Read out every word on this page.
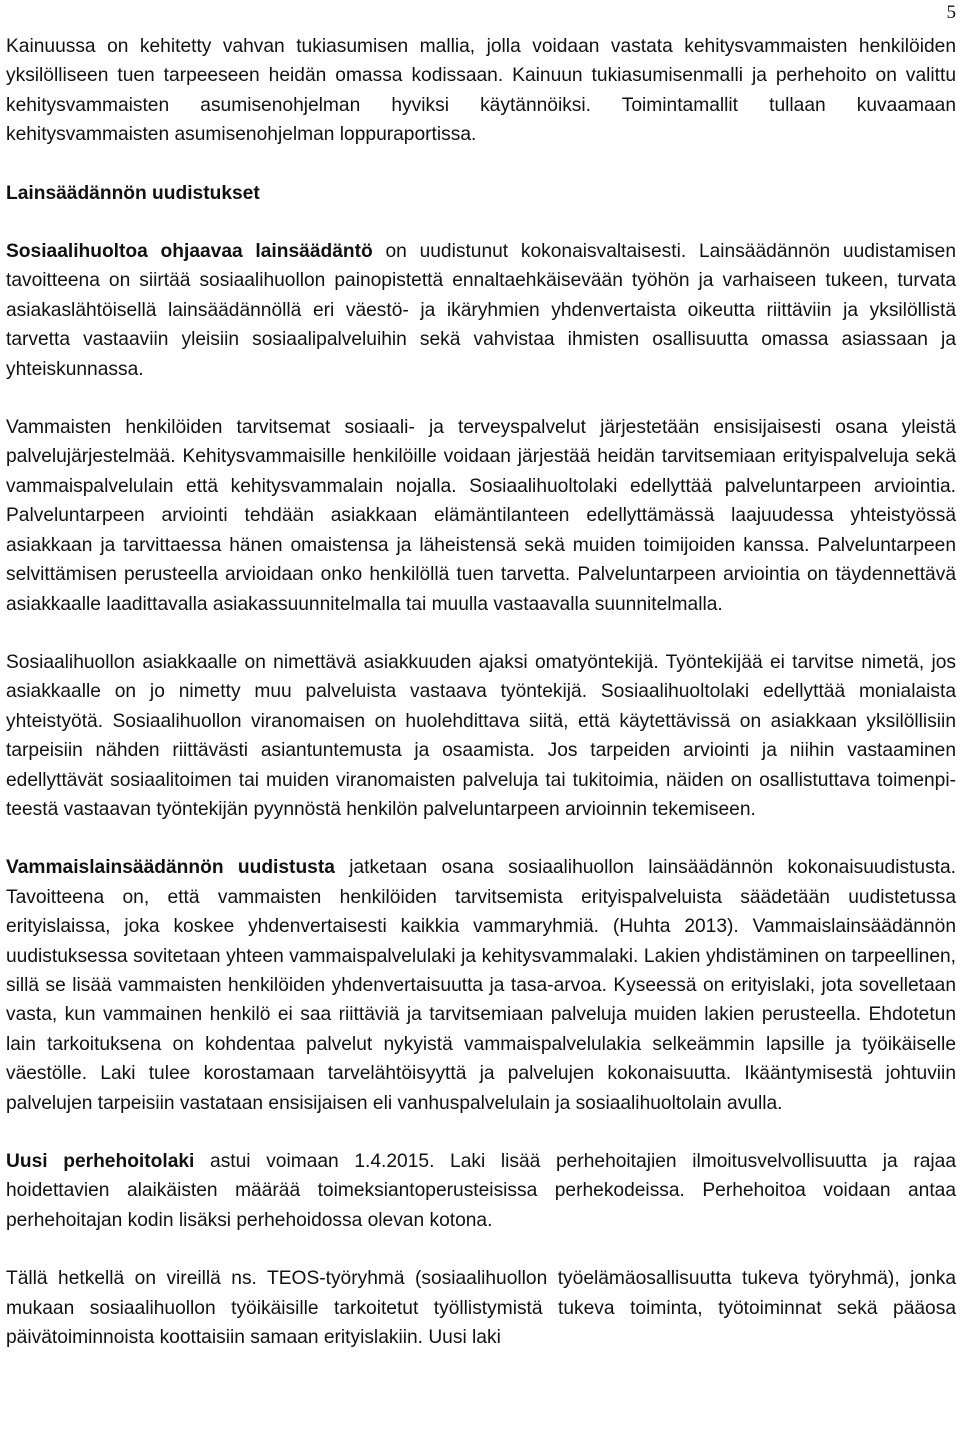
5

Kainuussa on kehitetty vahvan tukiasumisen mallia, jolla voidaan vastata kehitysvammaisten henkilöiden yksilölliseen tuen tarpeeseen heidän omassa kodissaan. Kainuun tukiasumisenmalli ja perhehoito on valittu kehitysvammaisten asumisenohjelman hyviksi käytännöiksi. Toimintamallit tullaan kuvaamaan kehitysvammaisten asumisenohjelman loppuraportissa.

Lainsäädännön uudistukset

Sosiaalihuoltoa ohjaavaa lainsäädäntö on uudistunut kokonaisvaltaisesti. Lainsäädännön uudistamisen tavoitteena on siirtää sosiaalihuollon painopistettä ennaltaehkäisevään työhön ja varhaiseen tukeen, turvata asiakaslähtöisellä lainsäädännöllä eri väestö- ja ikäryhmien yhdenvertaista oikeutta riittäviin ja yksilöllistä tarvetta vastaaviin yleisiin sosiaalipalveluihin sekä vahvistaa ihmisten osallisuutta omassa asiassaan ja yhteiskunnassa.

Vammaisten henkilöiden tarvitsemat sosiaali- ja terveyspalvelut järjestetään ensisijaisesti osana yleistä palvelujärjestelmää. Kehitysvammaisille henkilöille voidaan järjestää heidän tarvitsemiaan erityispalveluja sekä vammaispalvelulain että kehitysvammalain nojalla. Sosiaalihuoltolaki edellyttää palveluntarpeen arviointia. Palveluntarpeen arviointi tehdään asiakkaan elämäntilanteen edellyttämässä laajuudessa yhteistyössä asiakkaan ja tarvittaessa hänen omaistensa ja läheistensä sekä muiden toimijoiden kanssa. Palveluntarpeen selvittämisen perusteella arvioidaan onko henkilöllä tuen tarvetta. Palveluntarpeen arviointia on täydennettävä asiakkaalle laadittavalla asiakassuunnitelmalla tai muulla vastaavalla suunnitelmalla.

Sosiaalihuollon asiakkaalle on nimettävä asiakkuuden ajaksi omatyöntekijä. Työntekijää ei tarvitse nimetä, jos asiakkaalle on jo nimetty muu palveluista vastaava työntekijä. Sosiaalihuoltolaki edellyttää monialaista yhteistyötä. Sosiaalihuollon viranomaisen on huolehdittava siitä, että käytettävissä on asiakkaan yksilöllisiin tarpeisiin nähden riittävästi asiantuntemusta ja osaamista. Jos tarpeiden arviointi ja niihin vastaaminen edellyttävät sosiaalitoimen tai muiden viranomaisten palveluja tai tukitoimia, näiden on osallistuttava toimenpiteestä vastaavan työntekijän pyynnöstä henkilön palveluntarpeen arvioinnin tekemiseen.

Vammaislainsäädännön uudistusta jatketaan osana sosiaalihuollon lainsäädännön kokonaisuudistusta. Tavoitteena on, että vammaisten henkilöiden tarvitsemista erityispalveluista säädetään uudistetussa erityislaissa, joka koskee yhdenvertaisesti kaikkia vammaryhmiä. (Huhta 2013). Vammaislainsäädännön uudistuksessa sovitetaan yhteen vammaispalvelulaki ja kehitysvammalaki. Lakien yhdistäminen on tarpeellinen, sillä se lisää vammaisten henkilöiden yhdenvertaisuutta ja tasa-arvoa. Kyseessä on erityislaki, jota sovelletaan vasta, kun vammainen henkilö ei saa riittäviä ja tarvitsemiaan palveluja muiden lakien perusteella. Ehdotetun lain tarkoituksena on kohdentaa palvelut nykyistä vammaispalvelulakia selkeämmin lapsille ja työikäiselle väestölle. Laki tulee korostamaan tarvelähtöisyyttä ja palvelujen kokonaisuutta. Ikääntymisestä johtuviin palvelujen tarpeisiin vastataan ensisijaisen eli vanhuspalvelulain ja sosiaalihuoltolain avulla.

Uusi perhehoitolaki astui voimaan 1.4.2015. Laki lisää perhehoitajien ilmoitusvelvollisuutta ja rajaa hoidettavien alaikäisten määrää toimeksiantoperusteisissa perhekodeissa. Perhehoitoa voidaan antaa perhehoitajan kodin lisäksi perhehoidossa olevan kotona.

Tällä hetkellä on vireillä ns. TEOS-työryhmä (sosiaalihuollon työelämäosallisuutta tukeva työryhmä), jonka mukaan sosiaalihuollon työikäisille tarkoitetut työllistymistä tukeva toiminta, työtoiminnat sekä pääosa päivätoiminnoista koottaisiin samaan erityislakiin. Uusi laki
